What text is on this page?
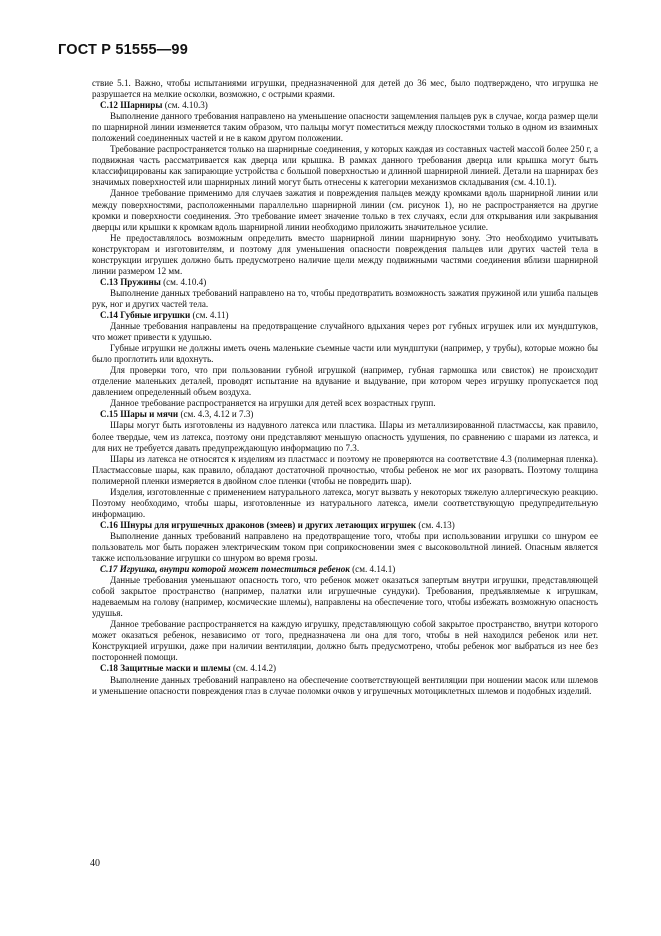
ГОСТ Р 51555—99

ствие 5.1. Важно, чтобы испытаниями игрушки, предназначенной для детей до 36 мес, было подтверждено, что игрушка не разрушается на мелкие осколки, возможно, с острыми краями.

С.12 Шарниры (см. 4.10.3)

Выполнение данного требования направлено на уменьшение опасности защемления пальцев рук в случае, когда размер щели по шарнирной линии изменяется таким образом, что пальцы могут поместиться между плоскостями только в одном из взаимных положений соединенных частей и не в каком другом положении.

Требование распространяется только на шарнирные соединения, у которых каждая из составных частей массой более 250 г, а подвижная часть рассматривается как дверца или крышка. В рамках данного требования дверца или крышка могут быть классифицированы как запирающие устройства с большой поверхностью и длинной шарнирной линией. Детали на шарнирах без значимых поверхностей или шарнирных линий могут быть отнесены к категории механизмов складывания (см. 4.10.1).

Данное требование применимо для случаев зажатия и повреждения пальцев между кромками вдоль шарнирной линии или между поверхностями, расположенными параллельно шарнирной линии (см. рисунок 1), но не распространяется на другие кромки и поверхности соединения. Это требование имеет значение только в тех случаях, если для открывания или закрывания дверцы или крышки к кромкам вдоль шарнирной линии необходимо приложить значительное усилие.

Не предоставлялось возможным определить вместо шарнирной линии шарнирную зону. Это необходимо учитывать конструкторам и изготовителям, и поэтому для уменьшения опасности повреждения пальцев или других частей тела в конструкции игрушек должно быть предусмотрено наличие щели между подвижными частями соединения вблизи шарнирной линии размером 12 мм.

С.13 Пружины (см. 4.10.4)

Выполнение данных требований направлено на то, чтобы предотвратить возможность зажатия пружиной или ушиба пальцев рук, ног и других частей тела.

С.14 Губные игрушки (см. 4.11)

Данные требования направлены на предотвращение случайного вдыхания через рот губных игрушек или их мундштуков, что может привести к удушью.

Губные игрушки не должны иметь очень маленькие съемные части или мундштуки (например, у трубы), которые можно бы было проглотить или вдохнуть.

Для проверки того, что при пользовании губной игрушкой (например, губная гармошка или свисток) не происходит отделение маленьких деталей, проводят испытание на вдувание и выдувание, при котором через игрушку пропускается под давлением определенный объем воздуха.

Данное требование распространяется на игрушки для детей всех возрастных групп.

С.15 Шары и мячи (см. 4.3, 4.12 и 7.3)

Шары могут быть изготовлены из надувного латекса или пластика. Шары из металлизированной пластмассы, как правило, более твердые, чем из латекса, поэтому они представляют меньшую опасность удушения, по сравнению с шарами из латекса, и для них не требуется давать предупреждающую информацию по 7.3.

Шары из латекса не относятся к изделиям из пластмасс и поэтому не проверяются на соответствие 4.3 (полимерная пленка). Пластмассовые шары, как правило, обладают достаточной прочностью, чтобы ребенок не мог их разорвать. Поэтому толщина полимерной пленки измеряется в двойном слое пленки (чтобы не повредить шар).

Изделия, изготовленные с применением натурального латекса, могут вызвать у некоторых тяжелую аллергическую реакцию. Поэтому необходимо, чтобы шары, изготовленные из натурального латекса, имели соответствующую предупредительную информацию.

С.16 Шнуры для игрушечных драконов (змеев) и других летающих игрушек (см. 4.13)

Выполнение данных требований направлено на предотвращение того, чтобы при использовании игрушки со шнуром ее пользователь мог быть поражен электрическим током при соприкосновении змея с высоковольтной линией. Опасным является также использование игрушки со шнуром во время грозы.

С.17 Игрушка, внутри которой может поместиться ребенок (см. 4.14.1)

Данные требования уменьшают опасность того, что ребенок может оказаться запертым внутри игрушки, представляющей собой закрытое пространство (например, палатки или игрушечные сундуки). Требования, предъявляемые к игрушкам, надеваемым на голову (например, космические шлемы), направлены на обеспечение того, чтобы избежать возможную опасность удушья.

Данное требование распространяется на каждую игрушку, представляющую собой закрытое пространство, внутри которого может оказаться ребенок, независимо от того, предназначена ли она для того, чтобы в ней находился ребенок или нет. Конструкцией игрушки, даже при наличии вентиляции, должно быть предусмотрено, чтобы ребенок мог выбраться из нее без посторонней помощи.

С.18 Защитные маски и шлемы (см. 4.14.2)

Выполнение данных требований направлено на обеспечение соответствующей вентиляции при ношении масок или шлемов и уменьшение опасности повреждения глаз в случае поломки очков у игрушечных мотоциклетных шлемов и подобных изделий.

40
